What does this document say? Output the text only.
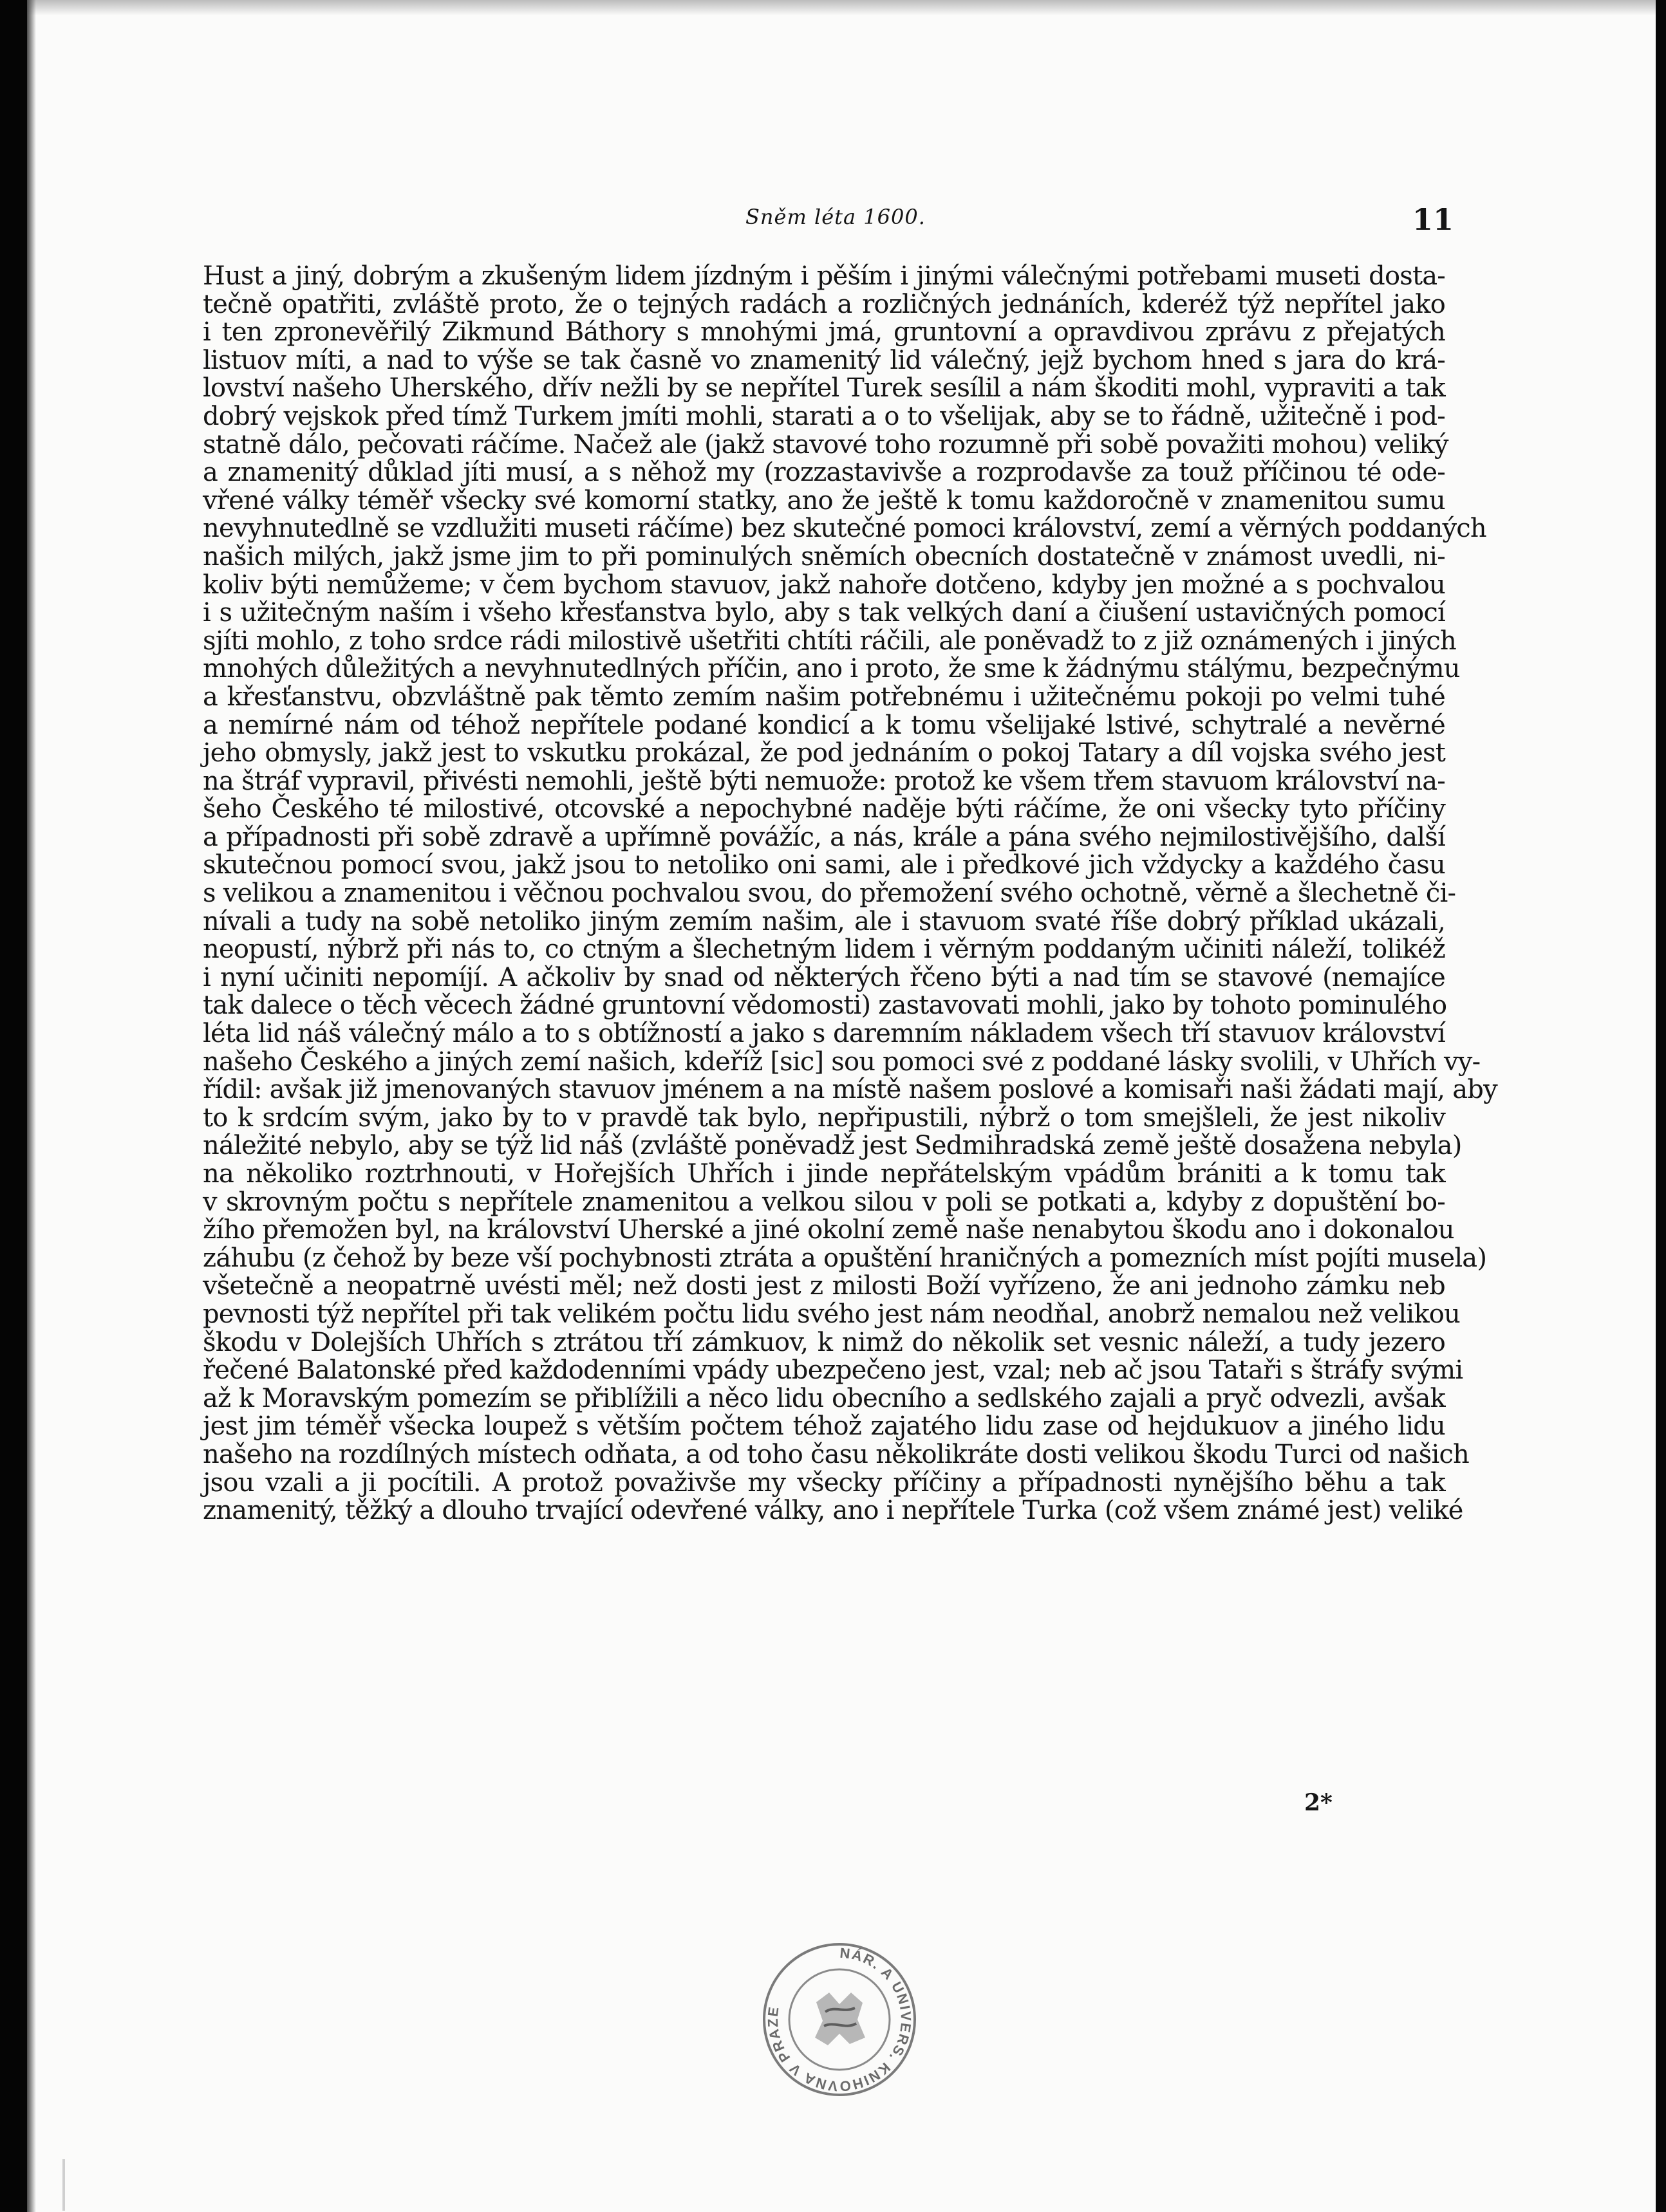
Sněm léta 1600.	11
Hust a jiný, dobrým a zkušeným lidem jízdným i pěším i jinými válečnými potřebami museti dosta-
tečně opatřiti, zvláště proto, že o tejných radách a rozličných jednáních, kderéž týž nepřítel jako
i ten zpronevěřilý Zikmund Báthory s mnohými jmá, gruntovní a opravdivou zprávu z přejatých
listuov míti, a nad to výše se tak časně vo znamenitý lid válečný, jejž bychom hned s jara do krá-
lovství našeho Uherského, dřív nežli by se nepřítel Turek sesílil a nám škoditi mohl, vypraviti a tak
dobrý vejskok před tímž Turkem jmíti mohli, starati a o to všelijak, aby se to řádně, užitečně i pod-
statně dálo, pečovati ráčíme. Načež ale (jakž stavové toho rozumně při sobě považiti mohou) veliký
a znamenitý důklad jíti musí, a s něhož my (rozzastavivše a rozprodavše za touž příčinou té ode-
vřené války téměř všecky své komorní statky, ano že ještě k tomu každoročně v znamenitou sumu
nevyhnutedlně se vzdlužiti museti ráčíme) bez skutečné pomoci království, zemí a věrných poddaných
našich milých, jakž jsme jim to při pominulých sněmích obecních dostatečně v známost uvedli, ni-
koliv býti nemůžeme; v čem bychom stavuov, jakž nahoře dotčeno, kdyby jen možné a s pochvalou
i s užitečným naším i všeho křesťanstva bylo, aby s tak velkých daní a čiušení ustavičných pomocí
sjíti mohlo, z toho srdce rádi milostivě ušetřiti chtíti ráčili, ale poněvadž to z již oznámených i jiných
mnohých důležitých a nevyhnutedlných příčin, ano i proto, že sme k žádnýmu stálýmu, bezpečnýmu
a křesťanstvu, obzvláštně pak těmto zemím našim potřebnému i užitečnému pokoji po velmi tuhé
a nemírné nám od téhož nepřítele podané kondicí a k tomu všelijaké lstivé, schytralé a nevěrné
jeho obmysly, jakž jest to vskutku prokázal, že pod jednáním o pokoj Tatary a díl vojska svého jest
na štráf vypravil, přivésti nemohli, ještě býti nemuože: protož ke všem třem stavuom království na-
šeho Českého té milostivé, otcovské a nepochybné naděje býti ráčíme, že oni všecky tyto příčiny
a případnosti při sobě zdravě a upřímně povážíc, a nás, krále a pána svého nejmilostivějšího, další
skutečnou pomocí svou, jakž jsou to netoliko oni sami, ale i předkové jich vždycky a každého času
s velikou a znamenitou i věčnou pochvalou svou, do přemožení svého ochotně, věrně a šlechetně či-
nívali a tudy na sobě netoliko jiným zemím našim, ale i stavuom svaté říše dobrý příklad ukázali,
neopustí, nýbrž při nás to, co ctným a šlechetným lidem i věrným poddaným učiniti náleží, tolikéž
i nyní učiniti nepomíjí. A ačkoliv by snad od některých řčeno býti a nad tím se stavové (nemajíce
tak dalece o těch věcech žádné gruntovní vědomosti) zastavovati mohli, jako by tohoto pominulého
léta lid náš válečný málo a to s obtížností a jako s daremním nákladem všech tří stavuov království
našeho Českého a jiných zemí našich, kdeříž [sic] sou pomoci své z poddané lásky svolili, v Uhřích vy-
řídil: avšak již jmenovaných stavuov jménem a na místě našem poslové a komisaři naši žádati mají, aby
to k srdcím svým, jako by to v pravdě tak bylo, nepřipustili, nýbrž o tom smejšleli, že jest nikoliv
náležité nebylo, aby se týž lid náš (zvláště poněvadž jest Sedmihradská země ještě dosažena nebyla)
na několiko roztrhnouti, v Hořejších Uhřích i jinde nepřátelským vpádům brániti a k tomu tak
v skrovným počtu s nepřítele znamenitou a velkou silou v poli se potkati a, kdyby z dopuštění bo-
žího přemožen byl, na království Uherské a jiné okolní země naše nenabytou škodu ano i dokonalou
záhubu (z čehož by beze vší pochybnosti ztráta a opuštění hraničných a pomezních míst pojíti musela)
všetečně a neopatrně uvésti měl; než dosti jest z milosti Boží vyřízeno, že ani jednoho zámku neb
pevnosti týž nepřítel při tak velikém počtu lidu svého jest nám neodňal, anobrž nemalou než velikou
škodu v Dolejších Uhřích s ztrátou tří zámkuov, k nimž do několik set vesnic náleží, a tudy jezero
řečené Balatonské před každodenními vpády ubezpečeno jest, vzal; neb ač jsou Tataři s štráfy svými
až k Moravským pomezím se přiblížili a něco lidu obecního a sedlského zajali a pryč odvezli, avšak
jest jim téměř všecka loupež s větším počtem téhož zajatého lidu zase od hejdukuov a jiného lidu
našeho na rozdílných místech odňata, a od toho času několikráte dosti velikou škodu Turci od našich
jsou vzali a ji pocítili. A protož považivše my všecky příčiny a případnosti nynějšího běhu a tak
znamenitý, těžký a dlouho trvající odevřené války, ano i nepřítele Turka (což všem známé jest) veliké
2*
NÁR. A UNIVERS. KNIHOVNA V PRAZE
